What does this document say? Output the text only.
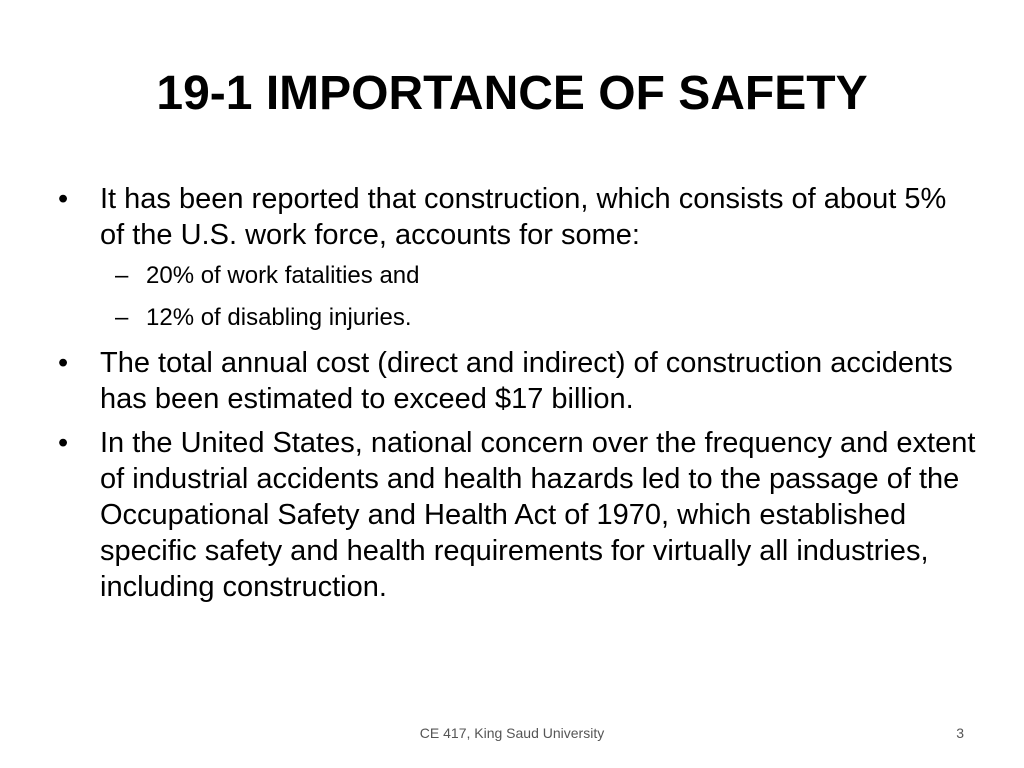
19-1 IMPORTANCE OF SAFETY
•	It has been reported that construction, which consists of about 5% of the U.S. work force, accounts for some:
– 20% of work fatalities and
– 12% of disabling injuries.
•	The total annual cost (direct and indirect) of construction accidents has been estimated to exceed $17 billion.
•	In the United States, national concern over the frequency and extent of industrial accidents and health hazards led to the passage of the Occupational Safety and Health Act of 1970, which established specific safety and health requirements for virtually all industries, including construction.
CE 417, King Saud University	3
